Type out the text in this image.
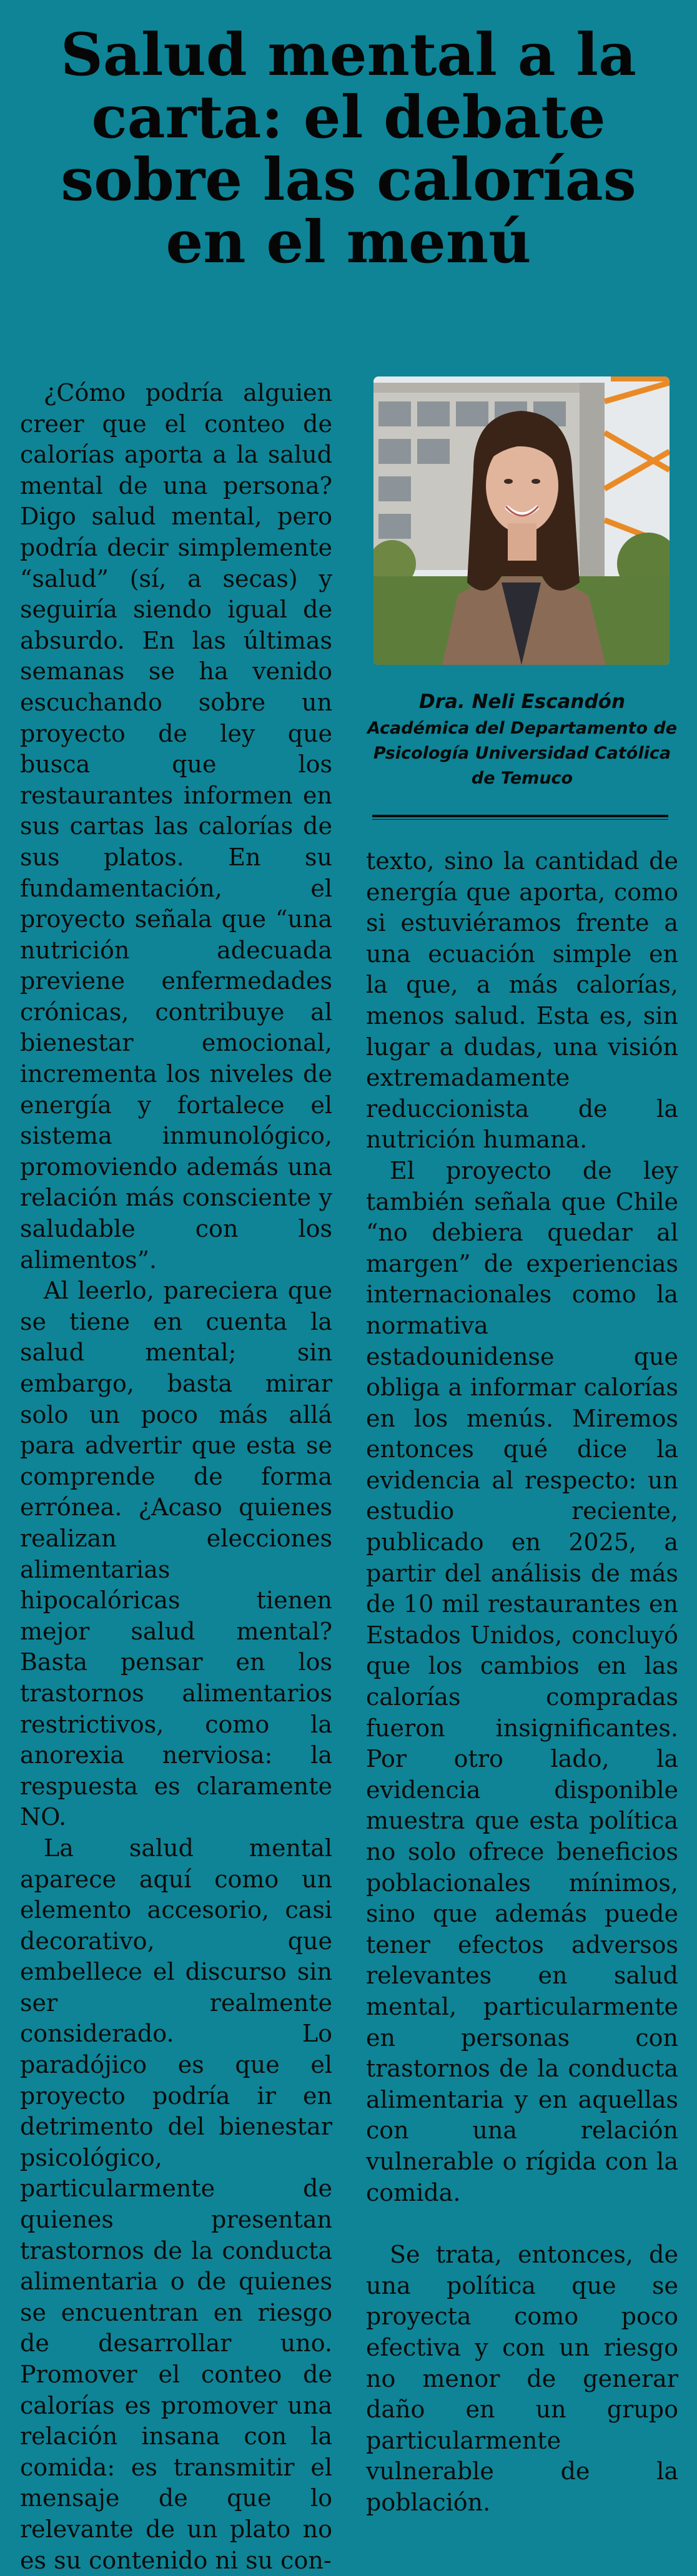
Salud mental a la
carta: el debate
sobre las calorías
en el menú
Dra. Neli Escandón
Académica del Departamento de
Psicología Universidad Católica
de Temuco

¿Cómo podría alguien creer que el conteo de calorías aporta a la salud mental de una persona? Digo salud mental, pero podría decir simplemente “salud” (sí, a secas) y seguiría siendo igual de absurdo. En las últimas semanas se ha venido escuchando sobre un proyecto de ley que busca que los restaurantes informen en sus cartas las calorías de sus platos. En su fundamentación, el proyecto señala que “una nutrición adecuada previene enfermedades crónicas, contribuye al bienestar emocional, incrementa los niveles de energía y fortalece el sistema inmunológico, promoviendo además una relación más consciente y saludable con los alimentos”.

Al leerlo, pareciera que se tiene en cuenta la salud mental; sin embargo, basta mirar solo un poco más allá para advertir que esta se comprende de forma errónea. ¿Acaso quienes realizan elecciones alimentarias hipocalóricas tienen mejor salud mental? Basta pensar en los trastornos alimentarios restrictivos, como la anorexia nerviosa: la respuesta es claramente NO.

La salud mental aparece aquí como un elemento accesorio, casi decorativo, que embellece el discurso sin ser realmente considerado. Lo paradójico es que el proyecto podría ir en detrimento del bienestar psicológico, particularmente de quienes presentan trastornos de la conducta alimentaria o de quienes se encuentran en riesgo de desarrollar uno. Promover el conteo de calorías es promover una relación insana con la comida: es transmitir el mensaje de que lo relevante de un plato no es su contenido ni su con-

texto, sino la cantidad de energía que aporta, como si estuviéramos frente a una ecuación simple en la que, a más calorías, menos salud. Esta es, sin lugar a dudas, una visión extremadamente reduccionista de la nutrición humana.

El proyecto de ley también señala que Chile “no debiera quedar al margen” de experiencias internacionales como la normativa estadounidense que obliga a informar calorías en los menús. Miremos entonces qué dice la evidencia al respecto: un estudio reciente, publicado en 2025, a partir del análisis de más de 10 mil restaurantes en Estados Unidos, concluyó que los cambios en las calorías compradas fueron insignificantes. Por otro lado, la evidencia disponible muestra que esta política no solo ofrece beneficios poblacionales mínimos, sino que además puede tener efectos adversos relevantes en salud mental, particularmente en personas con trastornos de la conducta alimentaria y en aquellas con una relación vulnerable o rígida con la comida.

Se trata, entonces, de una política que se proyecta como poco efectiva y con un riesgo no menor de generar daño en un grupo particularmente vulnerable de la población.
